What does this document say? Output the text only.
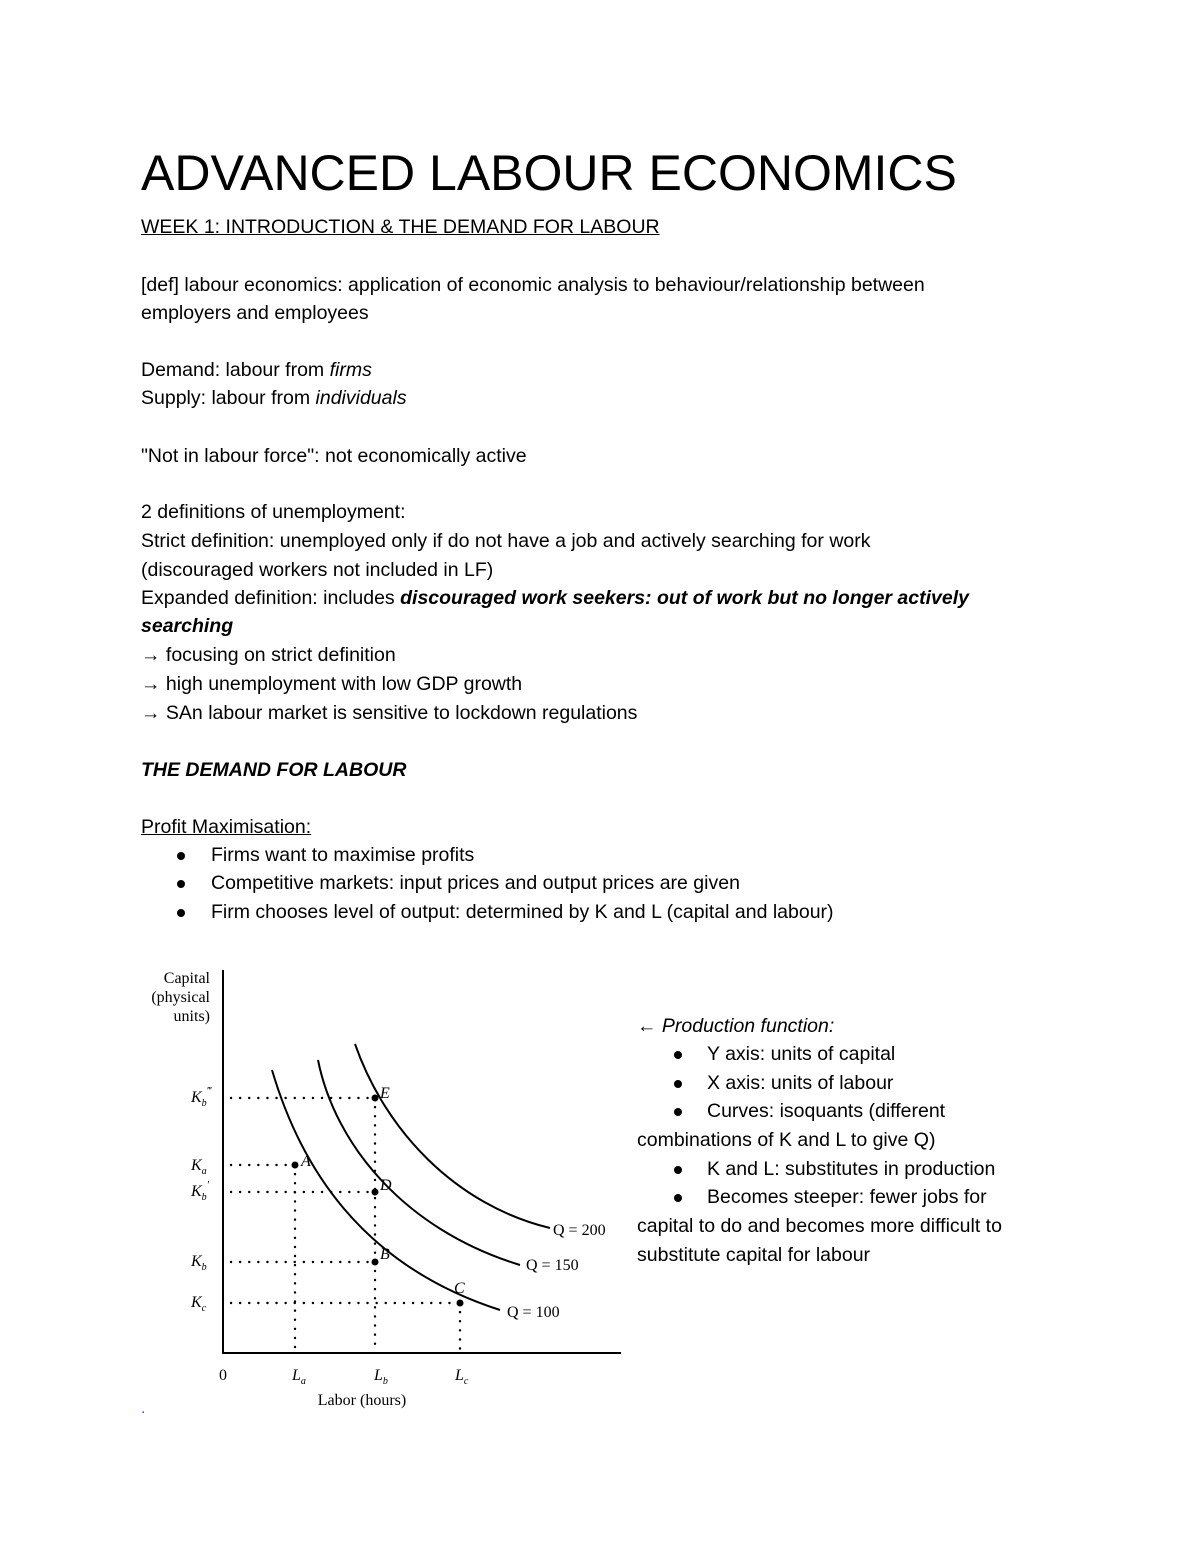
ADVANCED LABOUR ECONOMICS
WEEK 1: INTRODUCTION & THE DEMAND FOR LABOUR
[def] labour economics: application of economic analysis to behaviour/relationship between
employers and employees
Demand: labour from firms
Supply: labour from individuals
"Not in labour force": not economically active
2 definitions of unemployment:
Strict definition: unemployed only if do not have a job and actively searching for work
(discouraged workers not included in LF)
Expanded definition: includes discouraged work seekers: out of work but no longer actively
searching
→ focusing on strict definition
→ high unemployment with low GDP growth
→ SAn labour market is sensitive to lockdown regulations
THE DEMAND FOR LABOUR
Profit Maximisation:
Firms want to maximise profits
Competitive markets: input prices and output prices are given
Firm chooses level of output: determined by K and L (capital and labour)
Capital
(physical
units)
E
A
D
B
C
Q = 100
Q = 150
Q = 200
$K_b^‴$
$K_a$
$K_b'$
$K_b$
$K_c$
0	$L_a$	$L_b$	$L_c$
Labor (hours)
← Production function:
Y axis: units of capital
X axis: units of labour
Curves: isoquants (different
combinations of K and L to give Q)
K and L: substitutes in production
Becomes steeper: fewer jobs for
capital to do and becomes more difficult to
substitute capital for labour
.
